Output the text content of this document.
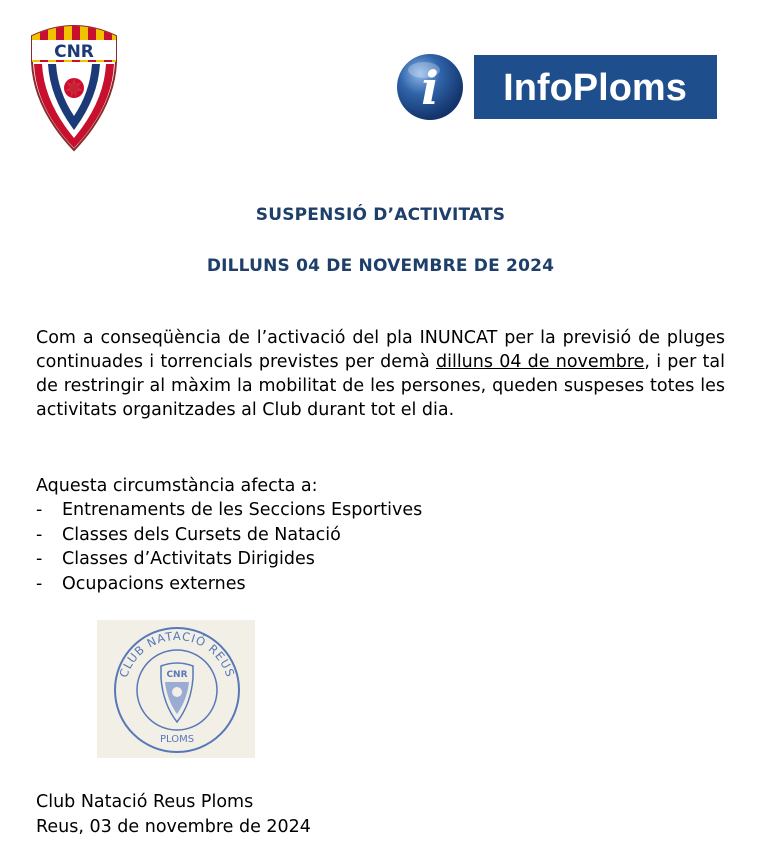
CNR
i InfoPloms
SUSPENSIÓ D’ACTIVITATS
DILLUNS 04 DE NOVEMBRE DE 2024

Com a conseqüència de l’activació del pla INUNCAT per la previsió de pluges continuades i torrencials previstes per demà dilluns 04 de novembre, i per tal de restringir al màxim la mobilitat de les persones, queden suspeses totes les activitats organitzades al Club durant tot el dia.

Aquesta circumstància afecta a:

- Entrenaments de les Seccions Esportives
- Classes dels Cursets de Natació
- Classes d’Activitats Dirigides
- Ocupacions externes
CLUB NATACIÓ REUS
PLOMS
CNR

Club Natació Reus Ploms
Reus, 03 de novembre de 2024
